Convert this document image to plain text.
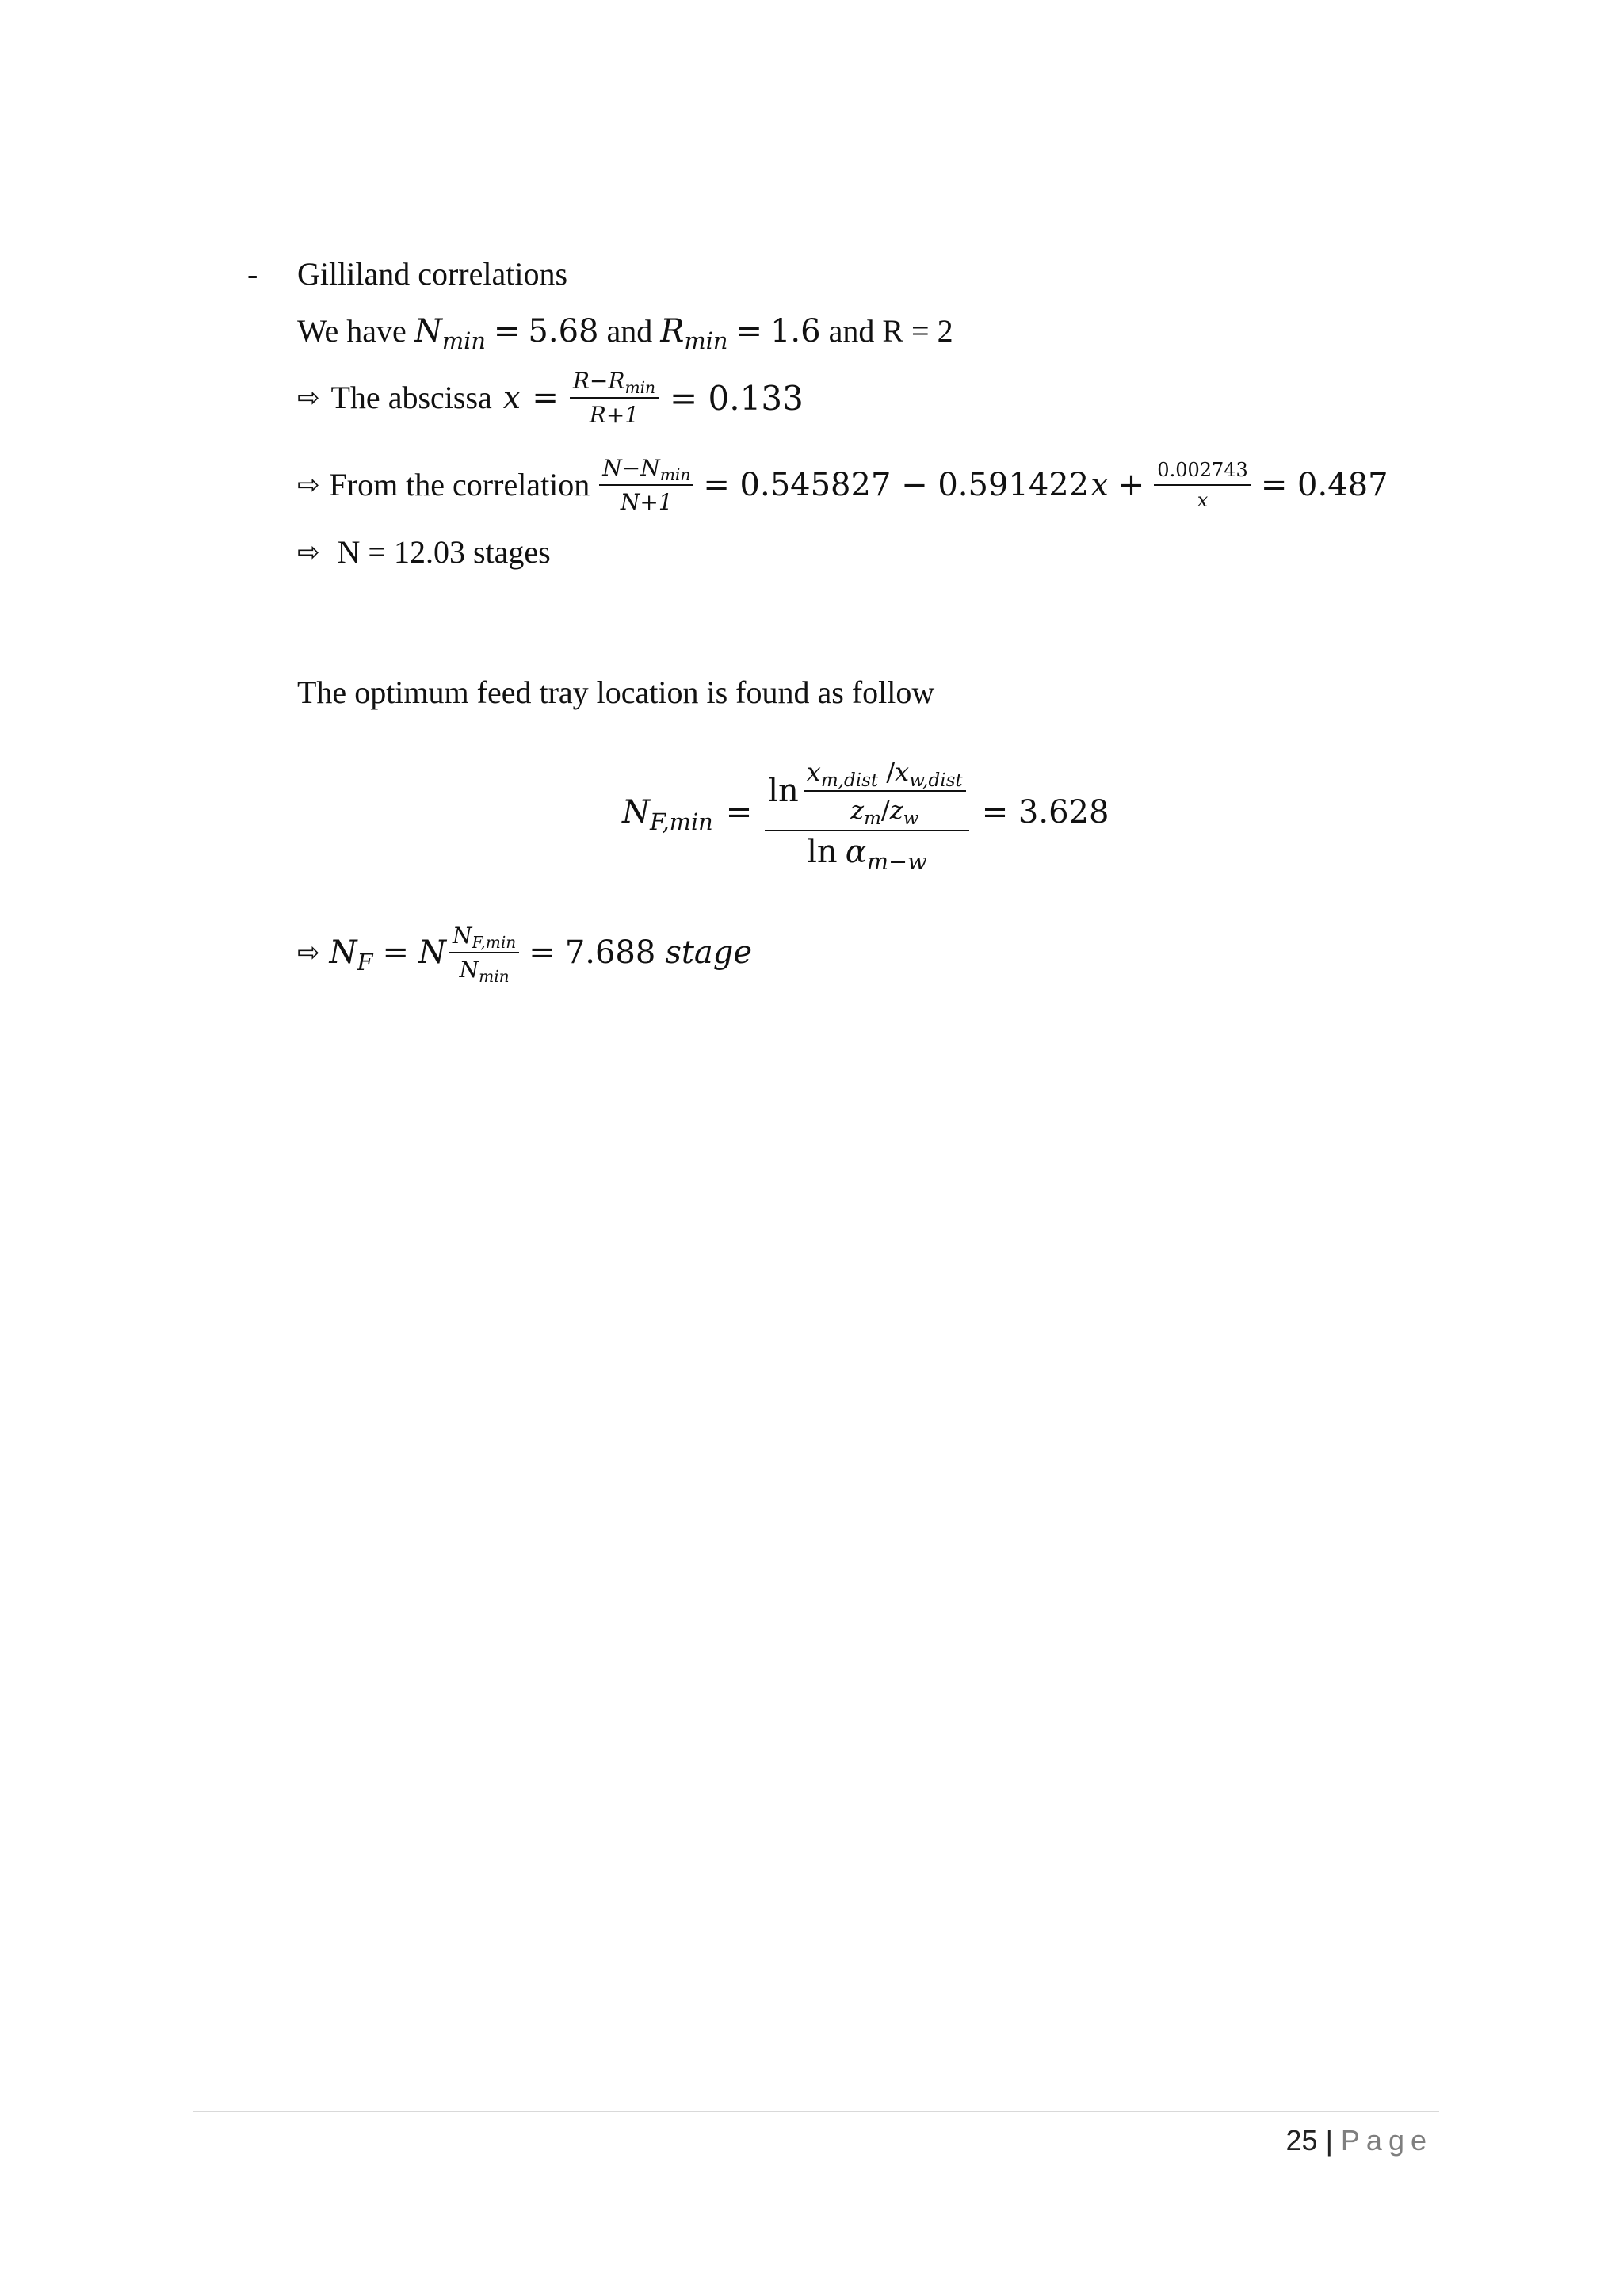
- Gilliland correlations
We have $N_{min} = 5.68$ and $R_{min} = 1.6$ and R = 2
⇨ The abscissa $x = \frac{R-R_{min}}{R+1} = 0.133$
⇨ From the correlation $\frac{N-N_{min}}{N+1} = 0.545827 - 0.591422$ $x + \frac{0.002743}{x} = 0.487$
⇨ N = 12.03 stages
The optimum feed tray location is found as follow
$N_{F,min} = \frac{\ln \frac{x_{m,dist} /x_{w,dist}}{z_m/z_w}}{\ln \alpha_{m-w}} = 3.628$
⇨ $N_F = N \frac{N_{F,min}}{N_{min}} = 7.688$ stage
25 | Page
